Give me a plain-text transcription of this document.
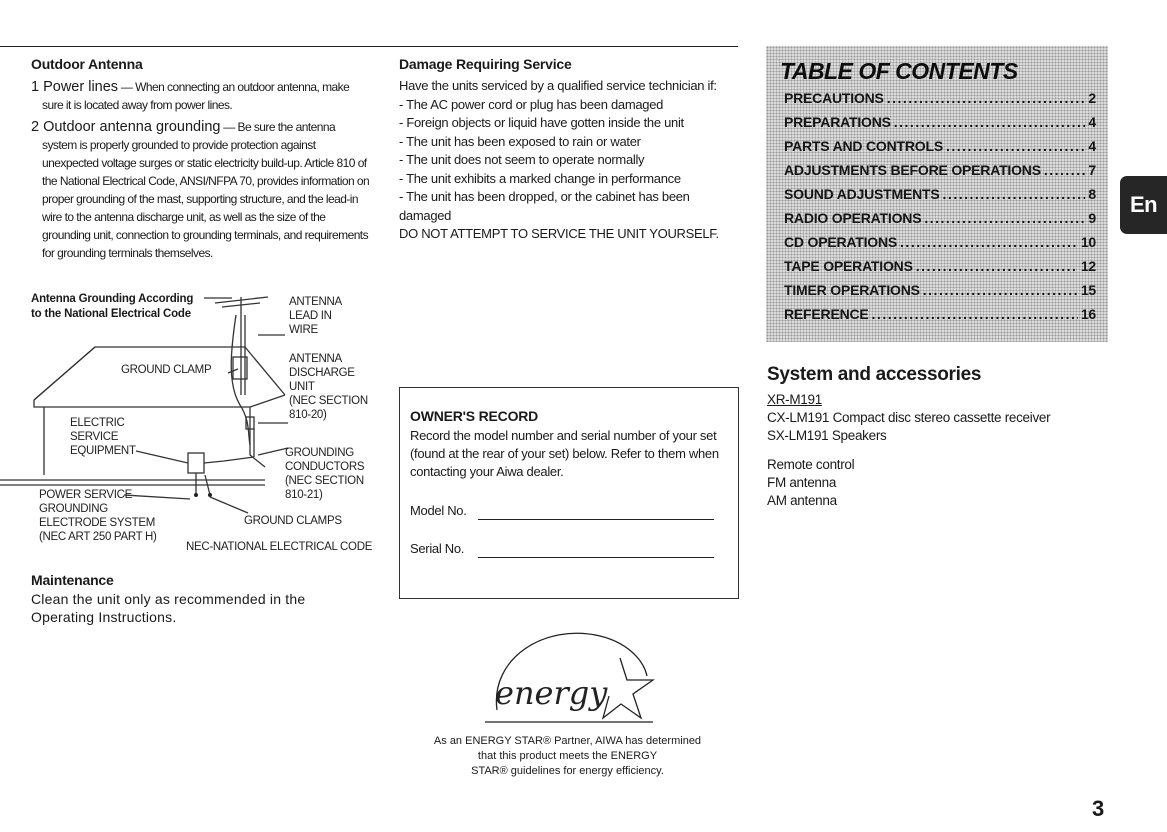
Outdoor Antenna
1 Power lines — When connecting an outdoor antenna, make sure it is located away from power lines.
2 Outdoor antenna grounding — Be sure the antenna system is properly grounded to provide protection against unexpected voltage surges or static electricity build-up. Article 810 of the National Electrical Code, ANSI/NFPA 70, provides information on proper grounding of the mast, supporting structure, and the lead-in wire to the antenna discharge unit, as well as the size of the grounding unit, connection to grounding terminals, and requirements for grounding terminals themselves.
Antenna Grounding According
to the National Electrical Code
ANTENNA
LEAD IN
WIRE
GROUND CLAMP
ANTENNA
DISCHARGE
UNIT
(NEC SECTION
810-20)
ELECTRIC
SERVICE
EQUIPMENT	GROUNDING
CONDUCTORS
(NEC SECTION
810-21)
POWER SERVICE
GROUNDING
ELECTRODE SYSTEM
(NEC ART 250 PART H)
GROUND CLAMPS
NEC-NATIONAL ELECTRICAL CODE
Maintenance
Clean the unit only as recommended in the Operating Instructions.
Damage Requiring Service
Have the units serviced by a qualified service technician if:
- The AC power cord or plug has been damaged
- Foreign objects or liquid have gotten inside the unit
- The unit has been exposed to rain or water
- The unit does not seem to operate normally
- The unit exhibits a marked change in performance
- The unit has been dropped, or the cabinet has been damaged
DO NOT ATTEMPT TO SERVICE THE UNIT YOURSELF.
OWNER'S RECORD
Record the model number and serial number of your set (found at the rear of your set) below. Refer to them when contacting your Aiwa dealer.
Model No.
Serial No.
energy
As an ENERGY STAR® Partner, AIWA has determined
that this product meets the ENERGY
STAR® guidelines for energy efficiency.
TABLE OF CONTENTS
PRECAUTIONS .....	2
PREPARATIONS .....	4
PARTS AND CONTROLS .....	4
ADJUSTMENTS BEFORE OPERATIONS .....	7
SOUND ADJUSTMENTS .....	8
RADIO OPERATIONS .....	9
CD OPERATIONS .....	10
TAPE OPERATIONS .....	12
TIMER OPERATIONS .....	15
REFERENCE .....	16
En
System and accessories
XR-M191
CX-LM191 Compact disc stereo cassette receiver
SX-LM191 Speakers
Remote control
FM antenna
AM antenna
3
